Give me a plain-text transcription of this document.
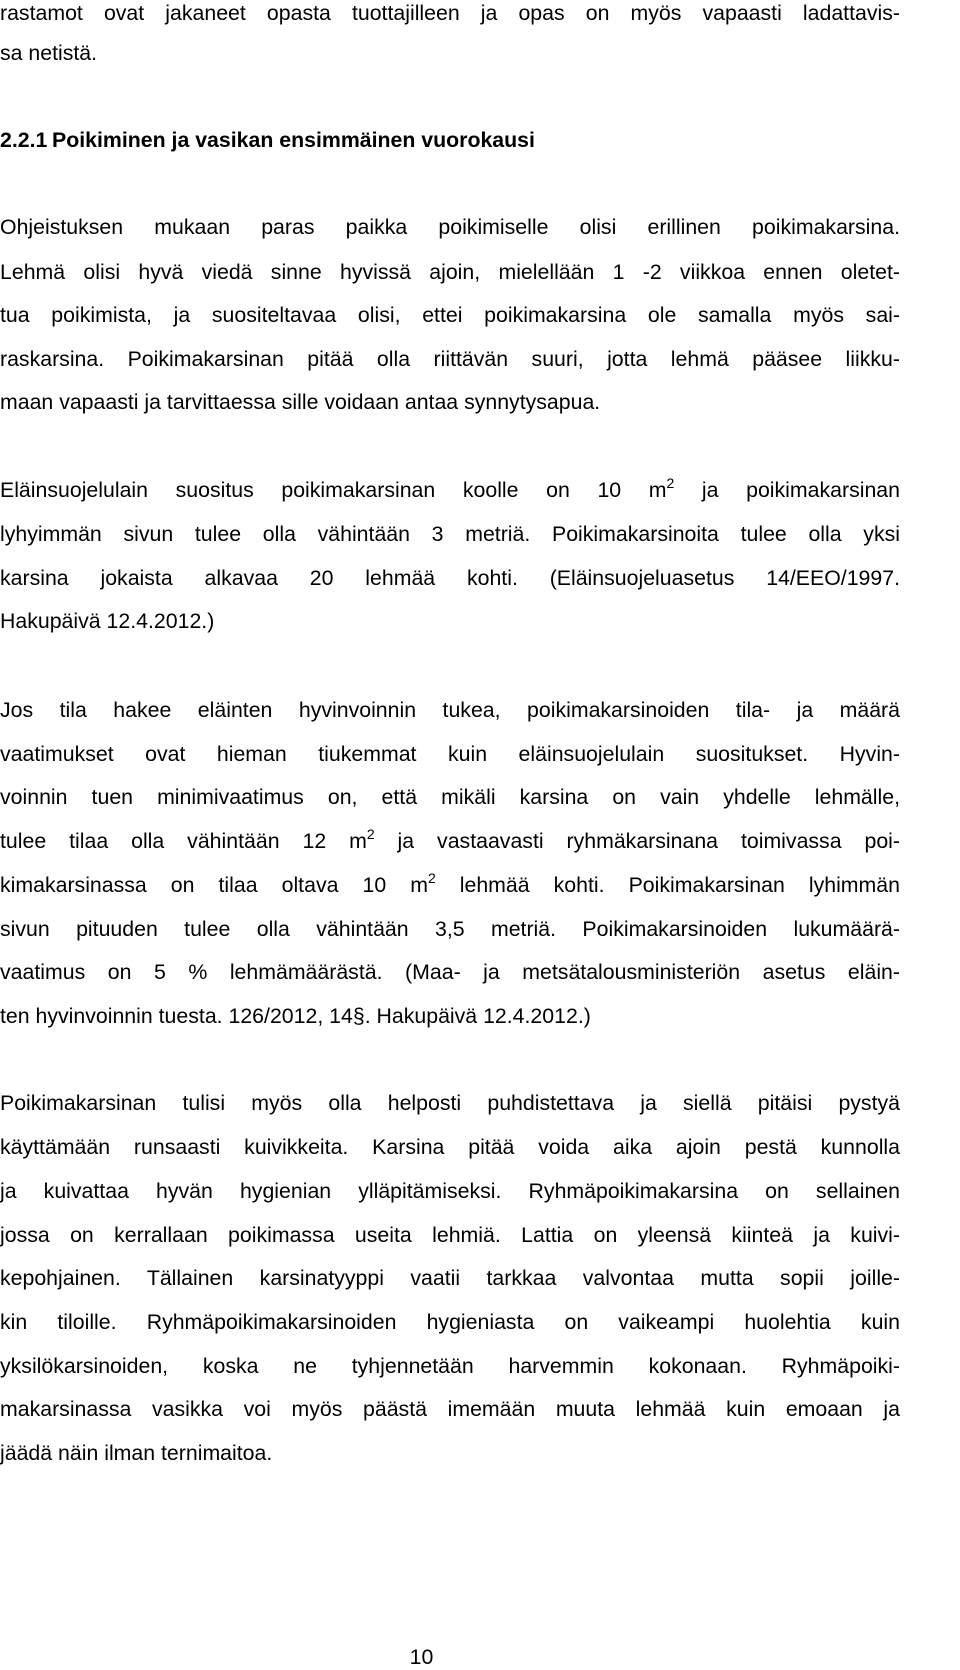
rastamot ovat jakaneet opasta tuottajilleen ja opas on myös vapaasti ladattavis-

sa netistä.

2.2.1 Poikiminen ja vasikan ensimmäinen vuorokausi

Ohjeistuksen mukaan paras paikka poikimiselle olisi erillinen poikimakarsina.

Lehmä olisi hyvä viedä sinne hyvissä ajoin, mielellään 1 -2 viikkoa ennen oletet-

tua poikimista, ja suositeltavaa olisi, ettei poikimakarsina ole samalla myös sai-

raskarsina. Poikimakarsinan pitää olla riittävän suuri, jotta lehmä pääsee liikku-

maan vapaasti ja tarvittaessa sille voidaan antaa synnytysapua.

Eläinsuojelulain suositus poikimakarsinan koolle on 10 $m^2$ ja poikimakarsinan

lyhyimmän sivun tulee olla vähintään 3 metriä. Poikimakarsinoita tulee olla yksi

karsina jokaista alkavaa 20 lehmää kohti. (Eläinsuojeluasetus 14/EEO/1997.

Hakupäivä 12.4.2012.)

Jos tila hakee eläinten hyvinvoinnin tukea, poikimakarsinoiden tila- ja määrä

vaatimukset ovat hieman tiukemmat kuin eläinsuojelulain suositukset. Hyvin-

voinnin tuen minimivaatimus on, että mikäli karsina on vain yhdelle lehmälle,

tulee tilaa olla vähintään 12 $m^2$ ja vastaavasti ryhmäkarsinana toimivassa poi-

kimakarsinassa on tilaa oltava 10 $m^2$ lehmää kohti. Poikimakarsinan lyhimmän

sivun pituuden tulee olla vähintään 3,5 metriä. Poikimakarsinoiden lukumäärä-

vaatimus on 5 % lehmämäärästä. (Maa- ja metsätalousministeriön asetus eläin-

ten hyvinvoinnin tuesta. 126/2012, 14§. Hakupäivä 12.4.2012.)

Poikimakarsinan tulisi myös olla helposti puhdistettava ja siellä pitäisi pystyä

käyttämään runsaasti kuivikkeita. Karsina pitää voida aika ajoin pestä kunnolla

ja kuivattaa hyvän hygienian ylläpitämiseksi. Ryhmäpoikimakarsina on sellainen

jossa on kerrallaan poikimassa useita lehmiä. Lattia on yleensä kiinteä ja kuivi-

kepohjainen. Tällainen karsinatyyppi vaatii tarkkaa valvontaa mutta sopii joille-

kin tiloille. Ryhmäpoikimakarsinoiden hygieniasta on vaikeampi huolehtia kuin

yksilökarsinoiden, koska ne tyhjennetään harvemmin kokonaan. Ryhmäpoiki-

makarsinassa vasikka voi myös päästä imemään muuta lehmää kuin emoaan ja

jäädä näin ilman ternimaitoa.

10
